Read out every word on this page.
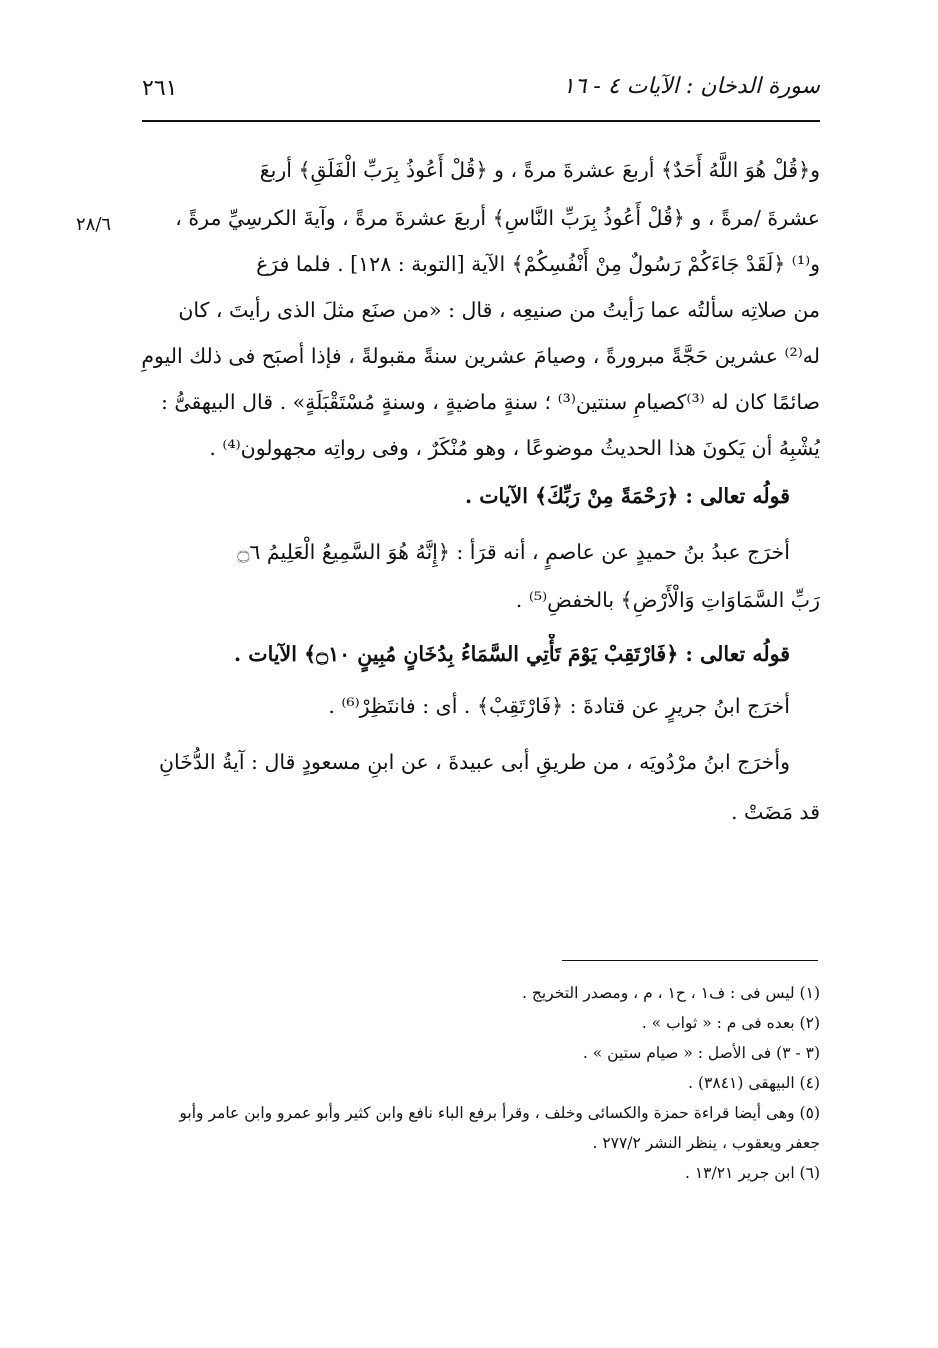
٢٦١	سورة الدخان : الآيات ٤ - ١٦
٢٨/٦

و﴿قُلْ هُوَ اللَّهُ أَحَدٌ﴾ أربعَ عشرةَ مرةً ، و ﴿قُلْ أَعُوذُ بِرَبِّ الْفَلَقِ﴾ أربعَ

عشرةَ /مرةً ، و ﴿قُلْ أَعُوذُ بِرَبِّ النَّاسِ﴾ أربعَ عشرةَ مرةً ، وآيةَ الكرسِيِّ مرةً ،

و⁽¹⁾ ﴿لَقَدْ جَاءَكُمْ رَسُولٌ مِنْ أَنْفُسِكُمْ﴾ الآية [التوبة : ١٢٨] . فلما فرَغ

من صلاتِه سألتُه عما رَأيتُ من صنيعِه ، قال : «من صنَع مثلَ الذى رأيتَ ، كان

له⁽²⁾ عشرين حَجَّةً مبرورةً ، وصيامَ عشرين سنةً مقبولةً ، فإذا أصبَح فى ذلك اليومِ

صائمًا كان له ⁽³⁾كصيامِ سنتين⁽³⁾ ؛ سنةٍ ماضيةٍ ، وسنةٍ مُسْتَقْبَلَةٍ» . قال البيهقىُّ :

يُشْبِهُ أن يَكونَ هذا الحديثُ موضوعًا ، وهو مُنْكَرٌ ، وفى رواتِه مجهولون⁽⁴⁾ .

قولُه تعالى : ﴿رَحْمَةً مِنْ رَبِّكَ﴾ الآيات .

أخرَج عبدُ بنُ حميدٍ عن عاصمٍ ، أنه قرَأ : ﴿إِنَّهُ هُوَ السَّمِيعُ الْعَلِيمُ ۝٦

رَبِّ السَّمَاوَاتِ وَالْأَرْضِ﴾ بالخفضِ⁽⁵⁾ .

قولُه تعالى : ﴿فَارْتَقِبْ يَوْمَ تَأْتِي السَّمَاءُ بِدُخَانٍ مُبِينٍ ۝١٠﴾ الآيات .

أخرَج ابنُ جريرٍ عن قتادةَ : ﴿فَارْتَقِبْ﴾ . أى : فانتَظِرْ⁽⁶⁾ .

وأخرَج ابنُ مرْدُويَه ، من طريقِ أبى عبيدةَ ، عن ابنِ مسعودٍ قال : آيةُ الدُّخَانِ

قد مَضَتْ .

(١) ليس فى : ف١ ، ح١ ، م ، ومصدر التخريج .

(٢) بعده فى م : « ثواب » .

(٣ - ٣) فى الأصل : « صيام ستين » .

(٤) البيهقى (٣٨٤١) .

(٥) وهى أيضا قراءة حمزة والكسائى وخلف ، وقرأ برفع الباء نافع وابن كثير وأبو عمرو وابن عامر وأبو

جعفر ويعقوب ، ينظر النشر ٢٧٧/٢ .

(٦) ابن جرير ١٣/٢١ .
